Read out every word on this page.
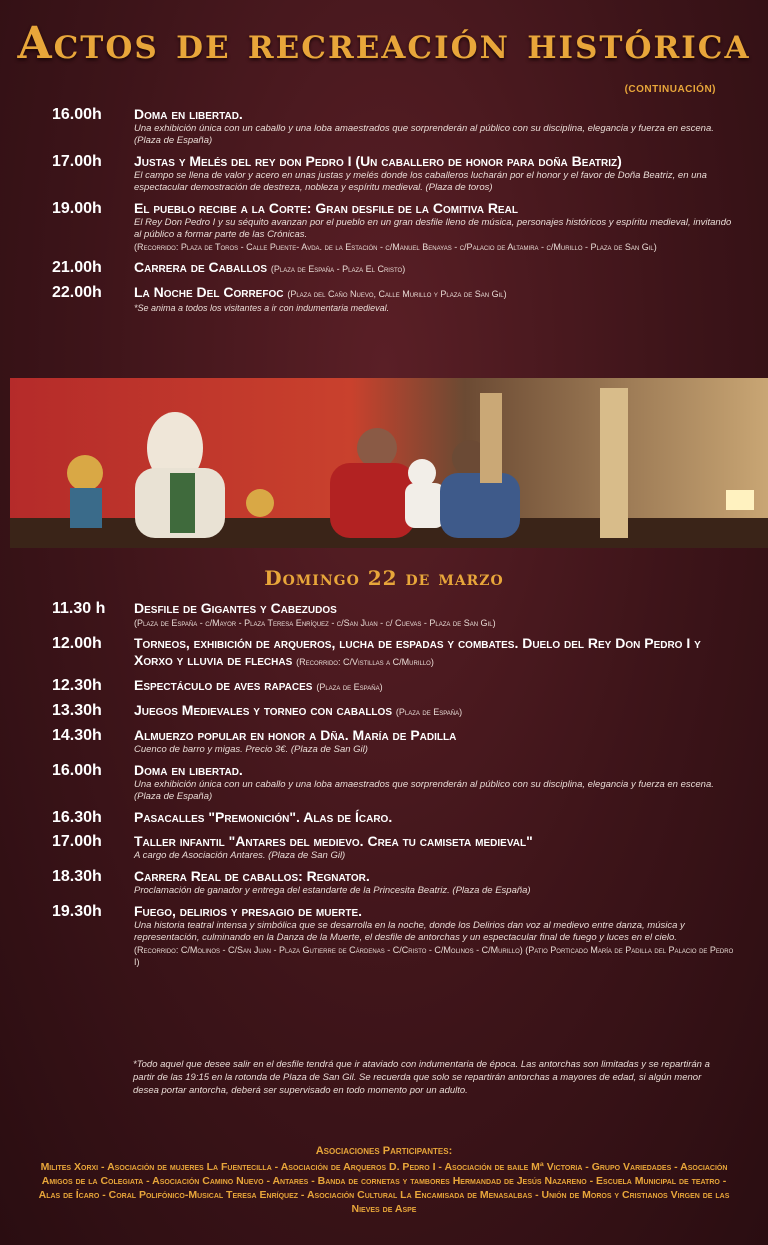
Actos de recreación histórica
(CONTINUACIÓN)
16.00h	Doma en libertad.
Una exhibición única con un caballo y una loba amaestrados que sorprenderán al público con su disciplina, elegancia y fuerza en escena. (Plaza de España)
17.00h	Justas y Melés del rey don Pedro I (Un caballero de honor para doña Beatriz)
El campo se llena de valor y acero en unas justas y melés donde los caballeros lucharán por el honor y el favor de Doña Beatriz, en una espectacular demostración de destreza, nobleza y espíritu medieval. (Plaza de toros)
19.00h	El pueblo recibe a la Corte: Gran desfile de la Comitiva Real
El Rey Don Pedro I y su séquito avanzan por el pueblo en un gran desfile lleno de música, personajes históricos y espíritu medieval, invitando al público a formar parte de las Crónicas.
(Recorrido: Plaza de Toros - Calle Puente- Avda. de la Estación - c/Manuel Benayas - c/Palacio de Altamira - c/Murillo - Plaza de San Gil)
21.00h	Carrera de Caballos (Plaza de España - Plaza El Cristo)
22.00h	La Noche Del Correfoc (Plaza del Caño Nuevo, Calle Murillo y Plaza de San Gil)
*Se anima a todos los visitantes a ir con indumentaria medieval.
Domingo 22 de marzo
11.30 h	Desfile de Gigantes y Cabezudos
(Plaza de España - c/Mayor - Plaza Teresa Enríquez - c/San Juan - c/ Cuevas - Plaza de San Gil)
12.00h	Torneos, exhibición de arqueros, lucha de espadas y combates. Duelo del Rey Don Pedro I y Xorxo y lluvia de flechas (Recorrido: C/Vistillas a C/Murillo)
12.30h	Espectáculo de aves rapaces (Plaza de España)
13.30h	Juegos Medievales y torneo con caballos (Plaza de España)
14.30h	Almuerzo popular en honor a Dña. María de Padilla
Cuenco de barro y migas. Precio 3€. (Plaza de San Gil)
16.00h	Doma en libertad.
Una exhibición única con un caballo y una loba amaestrados que sorprenderán al público con su disciplina, elegancia y fuerza en escena. (Plaza de España)
16.30h	Pasacalles "Premonición". Alas de Ícaro.
17.00h	Taller infantil "Antares del medievo. Crea tu camiseta medieval"
A cargo de Asociación Antares. (Plaza de San Gil)
18.30h	Carrera Real de caballos: Regnator.
Proclamación de ganador y entrega del estandarte de la Princesita Beatriz. (Plaza de España)
19.30h	Fuego, delirios y presagio de muerte.
Una historia teatral intensa y simbólica que se desarrolla en la noche, donde los Delirios dan voz al medievo entre danza, música y representación, culminando en la Danza de la Muerte, el desfile de antorchas y un espectacular final de fuego y luces en el cielo.
(Recorrido: C/Molinos - C/San Juan - Plaza Gutierre de Cárdenas - C/Cristo - C/Molinos - C/Murillo) (Patio Porticado María de Padilla del Palacio de Pedro I)
*Todo aquel que desee salir en el desfile tendrá que ir ataviado con indumentaria de época. Las antorchas son limitadas y se repartirán a partir de las 19:15 en la rotonda de Plaza de San Gil. Se recuerda que solo se repartirán antorchas a mayores de edad, si algún menor desea portar antorcha, deberá ser supervisado en todo momento por un adulto.
Asociaciones Participantes:
Milites Xorxi - Asociación de mujeres La Fuentecilla - Asociación de Arqueros D. Pedro I - Asociación de baile Mª Victoria - Grupo Variedades - Asociación Amigos de la Colegiata - Asociación Camino Nuevo - Antares - Banda de cornetas y tambores Hermandad de Jesús Nazareno - Escuela Municipal de teatro - Alas de Ícaro - Coral Polifónico-Musical Teresa Enríquez - Asociación Cultural La Encamisada de Menasalbas - Unión de Moros y Cristianos Virgen de las Nieves de Aspe
